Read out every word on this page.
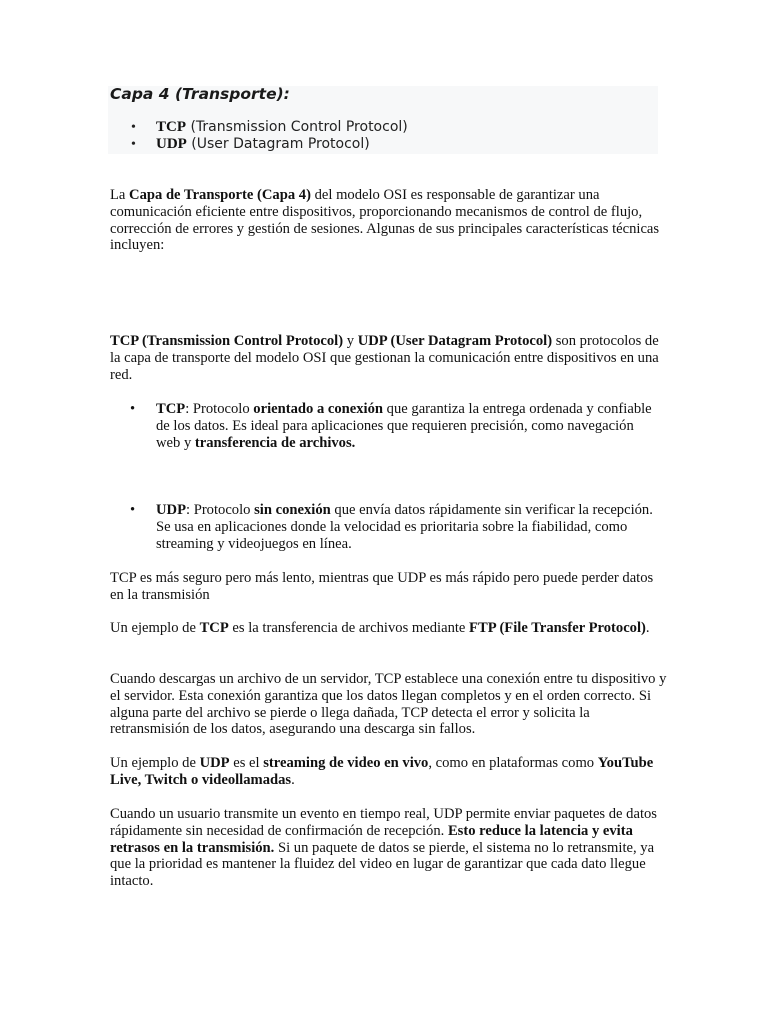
Capa 4 (Transporte):
• TCP (Transmission Control Protocol)
• UDP (User Datagram Protocol)
La Capa de Transporte (Capa 4) del modelo OSI es responsable de garantizar una comunicación eficiente entre dispositivos, proporcionando mecanismos de control de flujo, corrección de errores y gestión de sesiones. Algunas de sus principales características técnicas incluyen:
TCP (Transmission Control Protocol) y UDP (User Datagram Protocol) son protocolos de la capa de transporte del modelo OSI que gestionan la comunicación entre dispositivos en una red.
• TCP: Protocolo orientado a conexión que garantiza la entrega ordenada y confiable de los datos. Es ideal para aplicaciones que requieren precisión, como navegación web y transferencia de archivos.
• UDP: Protocolo sin conexión que envía datos rápidamente sin verificar la recepción. Se usa en aplicaciones donde la velocidad es prioritaria sobre la fiabilidad, como streaming y videojuegos en línea.
TCP es más seguro pero más lento, mientras que UDP es más rápido pero puede perder datos en la transmisión
Un ejemplo de TCP es la transferencia de archivos mediante FTP (File Transfer Protocol).
Cuando descargas un archivo de un servidor, TCP establece una conexión entre tu dispositivo y el servidor. Esta conexión garantiza que los datos llegan completos y en el orden correcto. Si alguna parte del archivo se pierde o llega dañada, TCP detecta el error y solicita la retransmisión de los datos, asegurando una descarga sin fallos.
Un ejemplo de UDP es el streaming de video en vivo, como en plataformas como YouTube Live, Twitch o videollamadas.
Cuando un usuario transmite un evento en tiempo real, UDP permite enviar paquetes de datos rápidamente sin necesidad de confirmación de recepción. Esto reduce la latencia y evita retrasos en la transmisión. Si un paquete de datos se pierde, el sistema no lo retransmite, ya que la prioridad es mantener la fluidez del video en lugar de garantizar que cada dato llegue intacto.
